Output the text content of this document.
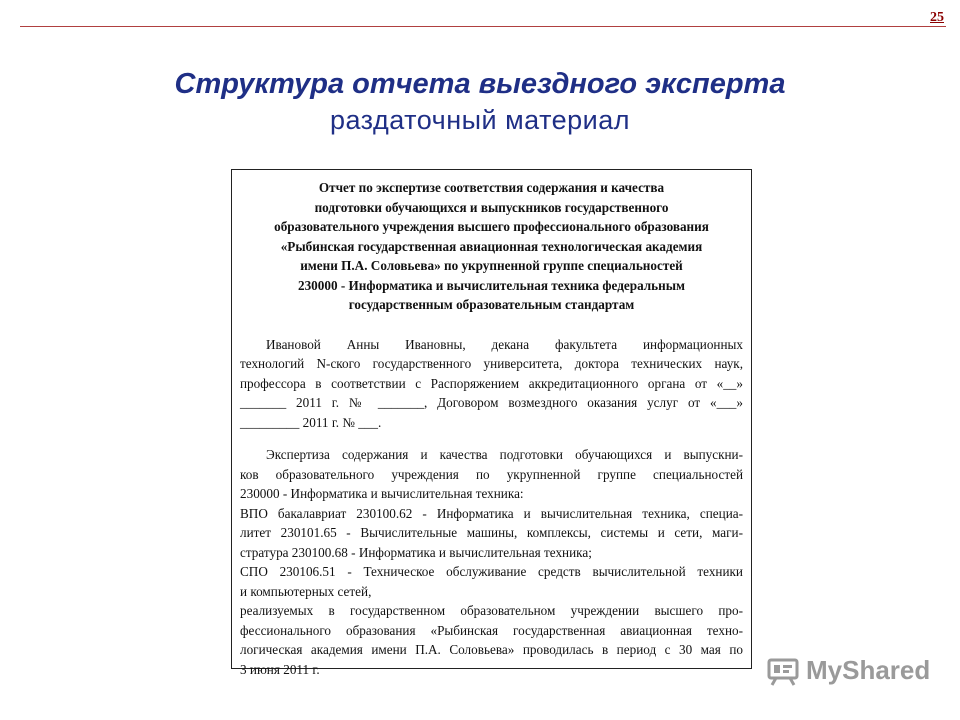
25
Структура отчета выездного эксперта
раздаточный материал
Отчет по экспертизе соответствия содержания и качества
подготовки обучающихся и выпускников государственного
образовательного учреждения высшего профессионального образования
«Рыбинская государственная авиационная технологическая академия
имени П.А. Соловьева» по укрупненной группе специальностей
230000 - Информатика и вычислительная техника федеральным
государственным образовательным стандартам
Ивановой Анны Ивановны, декана факультета информационных
технологий N-ского государственного университета, доктора технических наук,
профессора в соответствии с Распоряжением аккредитационного органа от «__»
_______ 2011 г. № _______, Договором возмездного оказания услуг от «___»
_________ 2011 г. № ___.
Экспертиза содержания и качества подготовки обучающихся и выпускни-
ков образовательного учреждения по укрупненной группе специальностей
230000 - Информатика и вычислительная техника:
ВПО бакалавриат 230100.62 - Информатика и вычислительная техника, специа-
литет 230101.65 - Вычислительные машины, комплексы, системы и сети, маги-
стратура 230100.68 - Информатика и вычислительная техника;
СПО 230106.51 - Техническое обслуживание средств вычислительной техники
и компьютерных сетей,
реализуемых в государственном образовательном учреждении высшего про-
фессионального образования «Рыбинская государственная авиационная техно-
логическая академия имени П.А. Соловьева» проводилась в период с 30 мая по
3 июня 2011 г.	MyShared
